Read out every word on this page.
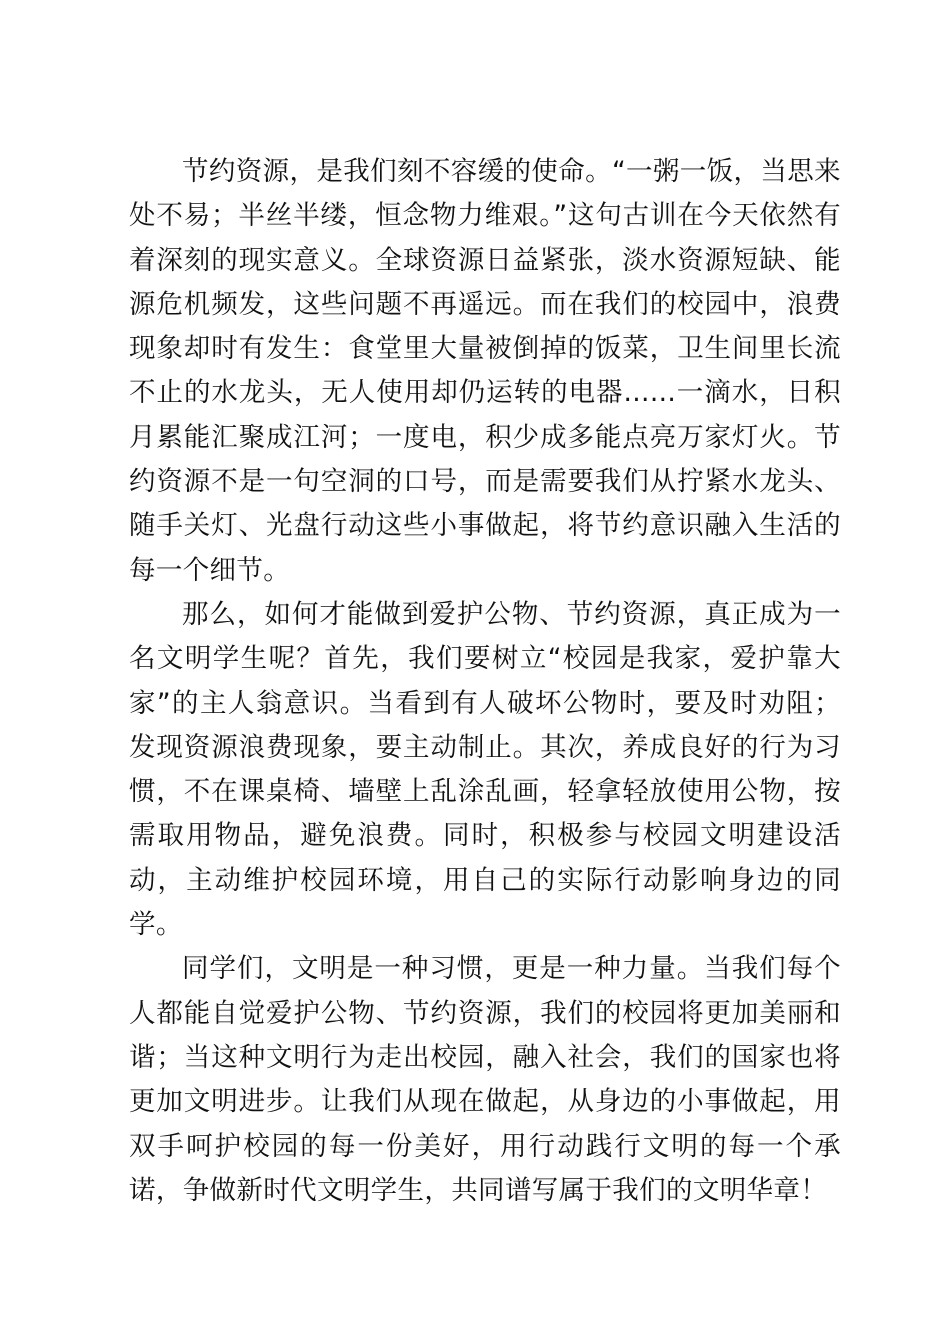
节约资源，是我们刻不容缓的使命。“一粥一饭，当思来处不易；半丝半缕，恒念物力维艰。”这句古训在今天依然有着深刻的现实意义。全球资源日益紧张，淡水资源短缺、能源危机频发，这些问题不再遥远。而在我们的校园中，浪费现象却时有发生：食堂里大量被倒掉的饭菜，卫生间里长流不止的水龙头，无人使用却仍运转的电器......一滴水，日积月累能汇聚成江河；一度电，积少成多能点亮万家灯火。节约资源不是一句空洞的口号，而是需要我们从拧紧水龙头、随手关灯、光盘行动这些小事做起，将节约意识融入生活的每一个细节。

那么，如何才能做到爱护公物、节约资源，真正成为一名文明学生呢？首先，我们要树立“校园是我家，爱护靠大家”的主人翁意识。当看到有人破坏公物时，要及时劝阻；发现资源浪费现象，要主动制止。其次，养成良好的行为习惯，不在课桌椅、墙壁上乱涂乱画，轻拿轻放使用公物，按需取用物品，避免浪费。同时，积极参与校园文明建设活动，主动维护校园环境，用自己的实际行动影响身边的同学。

同学们，文明是一种习惯，更是一种力量。当我们每个人都能自觉爱护公物、节约资源，我们的校园将更加美丽和谐；当这种文明行为走出校园，融入社会，我们的国家也将更加文明进步。让我们从现在做起，从身边的小事做起，用双手呵护校园的每一份美好，用行动践行文明的每一个承诺，争做新时代文明学生，共同谱写属于我们的文明华章！
